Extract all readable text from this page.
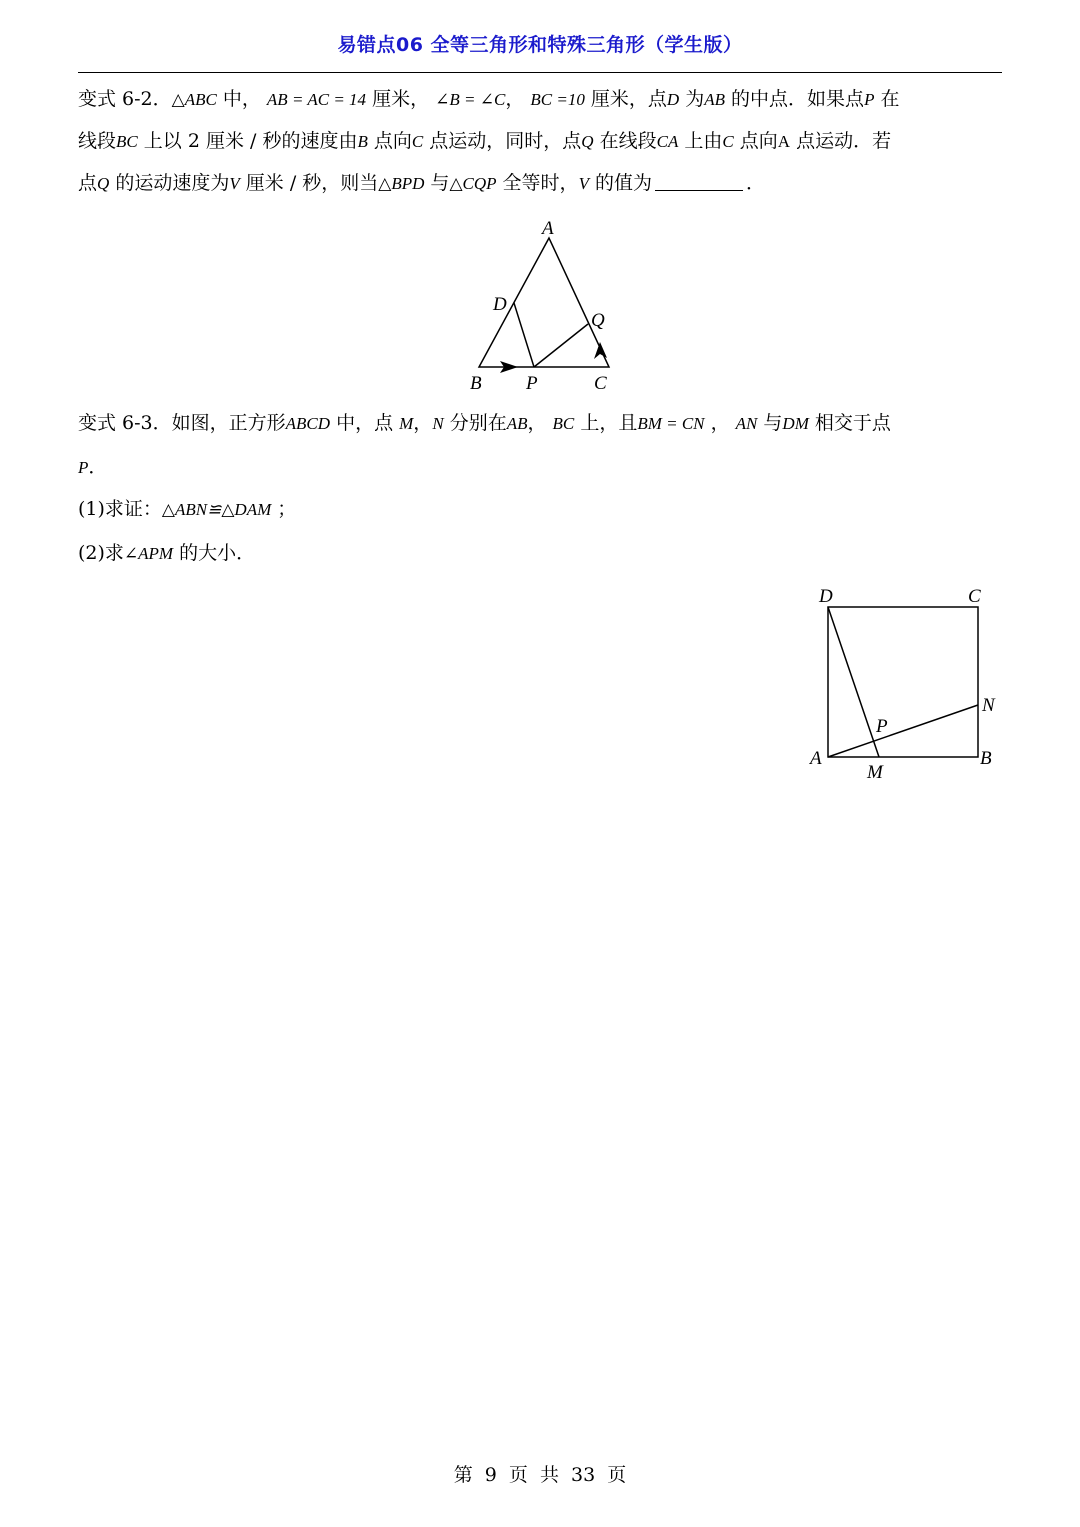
易错点06 全等三角形和特殊三角形（学生版）
变式 6-2．△ABC 中， AB = AC = 14 厘米， ∠B = ∠C， BC =10 厘米，点D 为AB 的中点．如果点P 在
线段BC 上以 2 厘米 / 秒的速度由B 点向C 点运动，同时，点Q 在线段CA 上由C 点向A 点运动．若
点Q 的运动速度为V 厘米 / 秒，则当△BPD 与△CQP 全等时，V 的值为	．
A
D
Q
B P	C
变式 6-3．如图，正方形ABCD 中，点 M，N 分别在AB， BC 上，且BM = CN ， AN 与DM 相交于点
P．
(1)求证：△ABN≌△DAM ；
(2)求∠APM 的大小．
D	C
N
P
A	B
M
第 9 页 共 33 页
